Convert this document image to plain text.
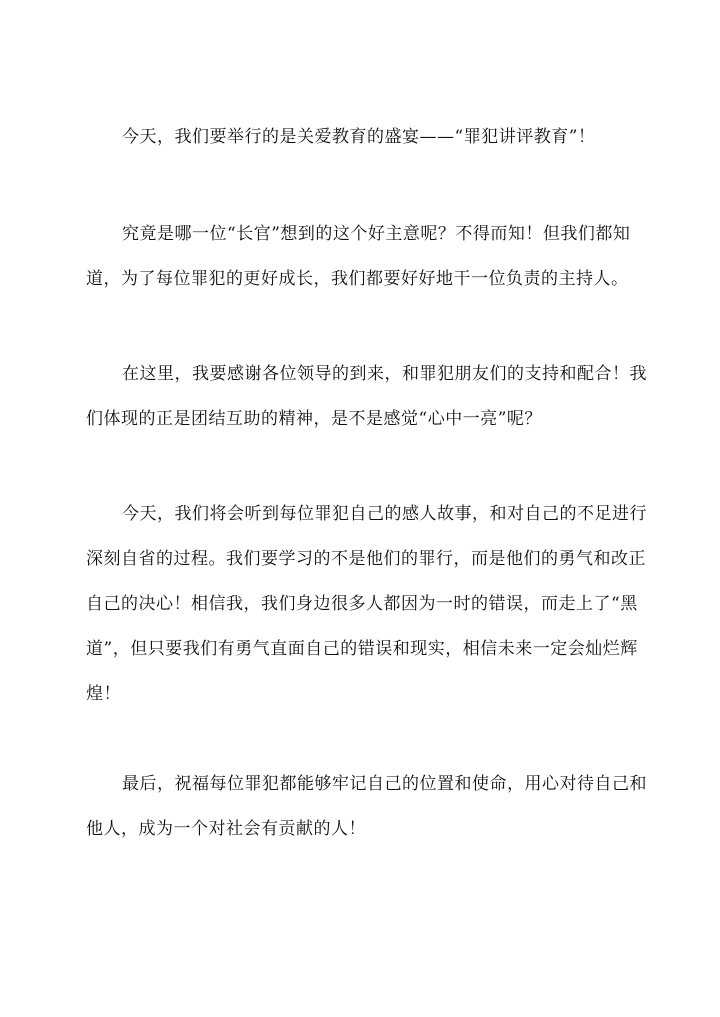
今天，我们要举行的是关爱教育的盛宴——“罪犯讲评教育”！
究竟是哪一位“长官”想到的这个好主意呢？不得而知！但我们都知
道，为了每位罪犯的更好成长，我们都要好好地干一位负责的主持人。
在这里，我要感谢各位领导的到来，和罪犯朋友们的支持和配合！我
们体现的正是团结互助的精神，是不是感觉“心中一亮”呢？
今天，我们将会听到每位罪犯自己的感人故事，和对自己的不足进行
深刻自省的过程。我们要学习的不是他们的罪行，而是他们的勇气和改正
自己的决心！相信我，我们身边很多人都因为一时的错误，而走上了“黑
道”，但只要我们有勇气直面自己的错误和现实，相信未来一定会灿烂辉
煌！
最后，祝福每位罪犯都能够牢记自己的位置和使命，用心对待自己和
他人，成为一个对社会有贡献的人！
